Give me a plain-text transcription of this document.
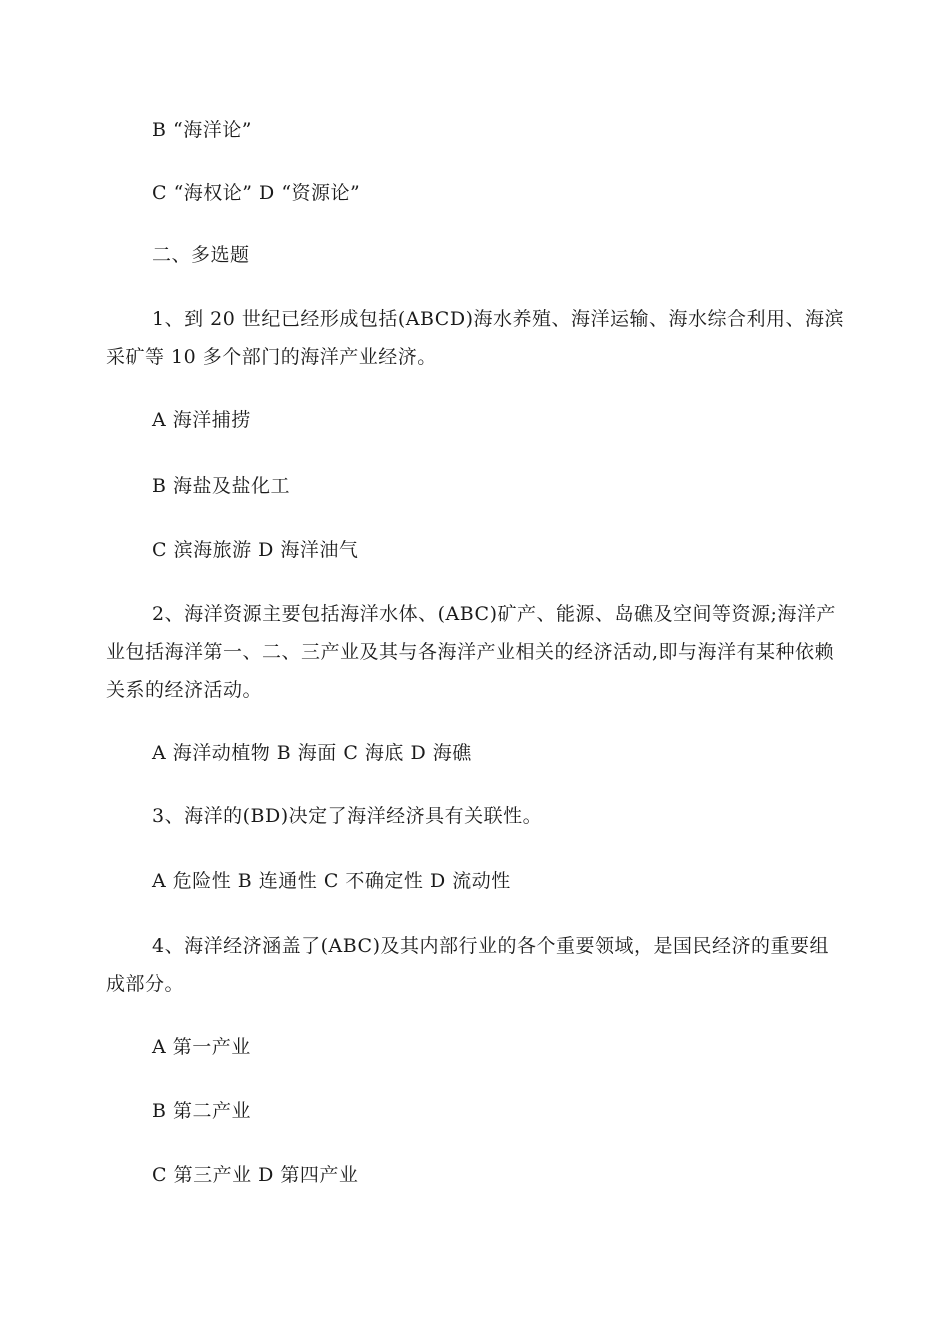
B “海洋论”
C “海权论” D “资源论”
二、多选题
1、到 20 世纪已经形成包括(ABCD)海水养殖、海洋运输、海水综合利用、海滨采矿等 10 多个部门的海洋产业经济。
A 海洋捕捞
B 海盐及盐化工
C 滨海旅游 D 海洋油气
2、海洋资源主要包括海洋水体、(ABC)矿产、能源、岛礁及空间等资源;海洋产业包括海洋第一、二、三产业及其与各海洋产业相关的经济活动,即与海洋有某种依赖关系的经济活动。
A 海洋动植物 B 海面 C 海底 D 海礁
3、海洋的(BD)决定了海洋经济具有关联性。
A 危险性 B 连通性 C 不确定性 D 流动性
4、海洋经济涵盖了(ABC)及其内部行业的各个重要领域，是国民经济的重要组成部分。
A 第一产业
B 第二产业
C 第三产业 D 第四产业
